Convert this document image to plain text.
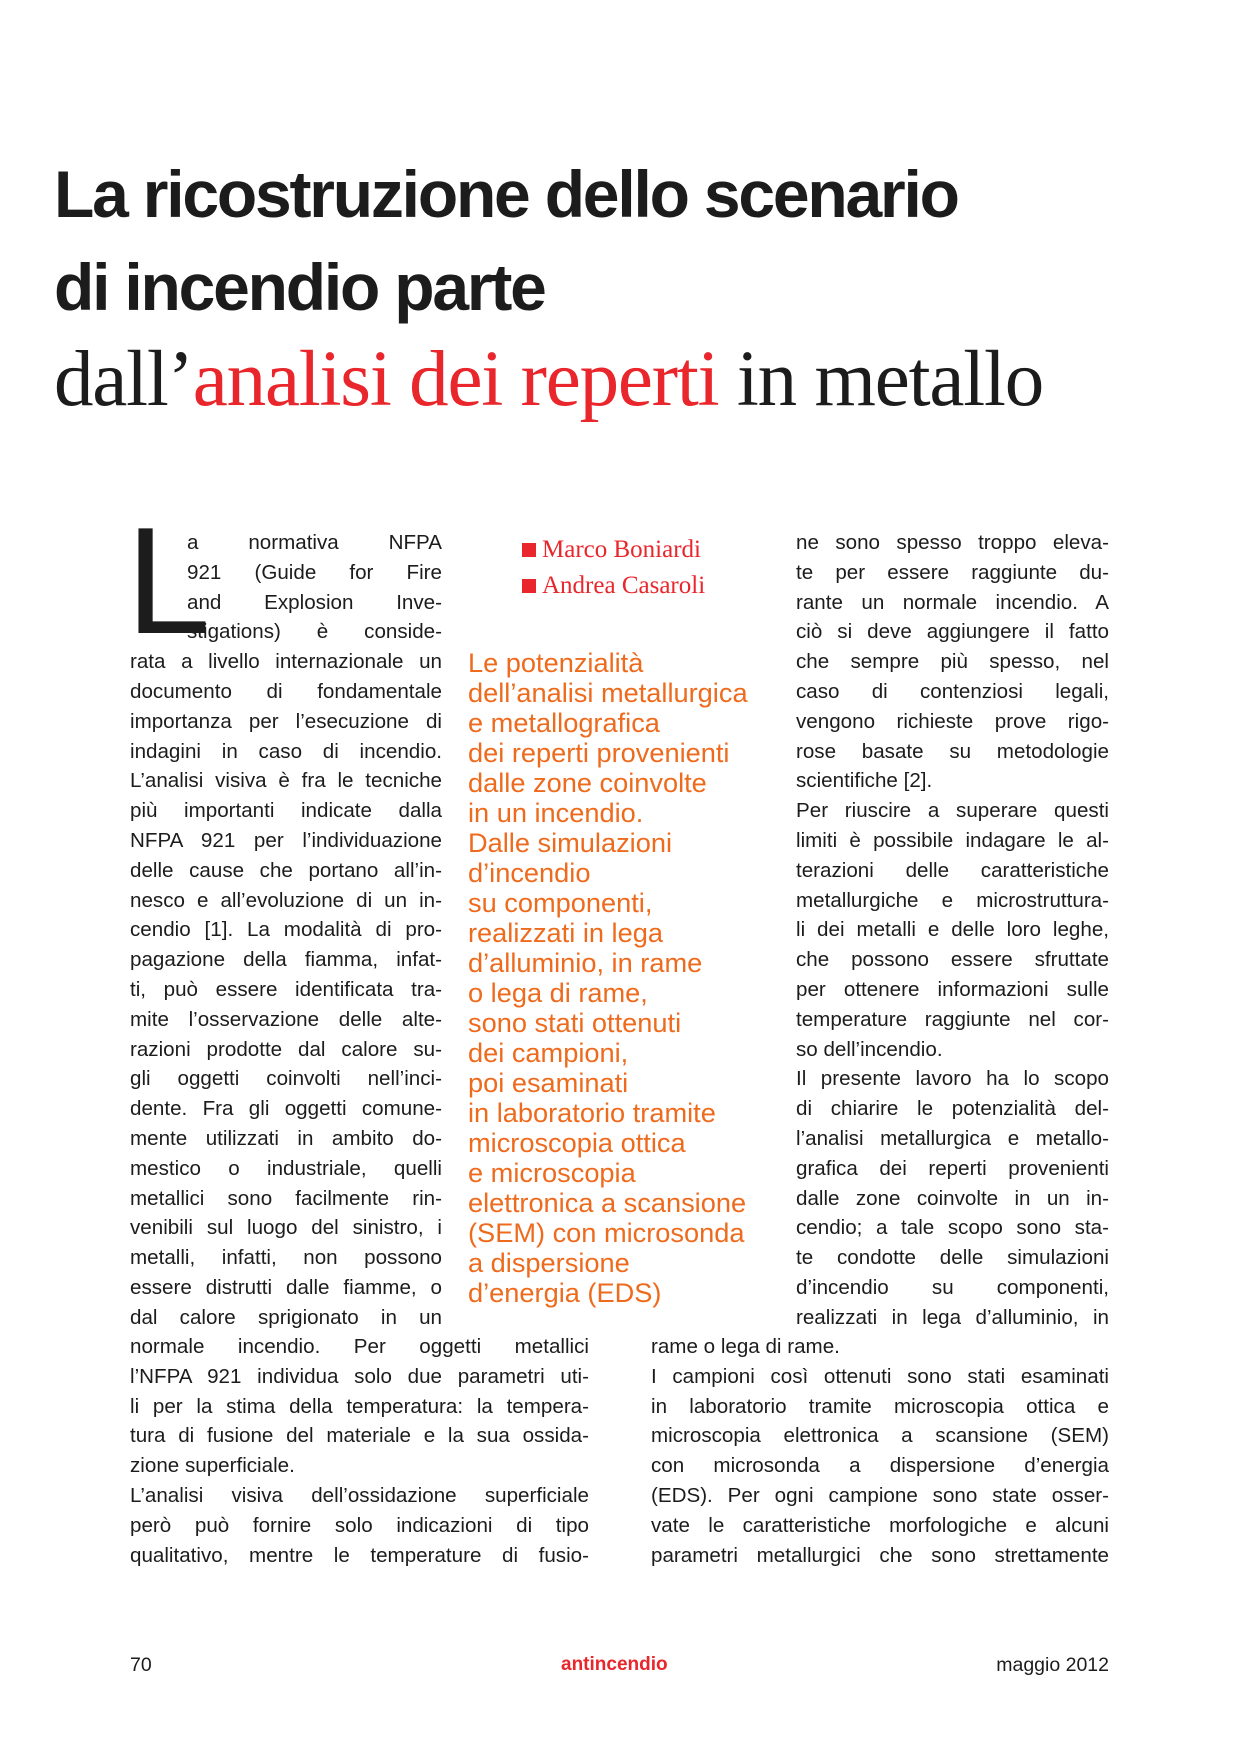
La ricostruzione dello scenario
di incendio parte
dall’analisi dei reperti in metallo
L
a normativa NFPA
921 (Guide for Fire
and Explosion Inve-
stigations) è conside-
rata a livello internazionale un
documento di fondamentale
importanza per l’esecuzione di
indagini in caso di incendio.
L’analisi visiva è fra le tecniche
più importanti indicate dalla
NFPA 921 per l’individuazione
delle cause che portano all’in-
nesco e all’evoluzione di un in-
cendio [1]. La modalità di pro-
pagazione della fiamma, infat-
ti, può essere identificata tra-
mite l’osservazione delle alte-
razioni prodotte dal calore su-
gli oggetti coinvolti nell’inci-
dente. Fra gli oggetti comune-
mente utilizzati in ambito do-
mestico o industriale, quelli
metallici sono facilmente rin-
venibili sul luogo del sinistro, i
metalli, infatti, non possono
essere distrutti dalle fiamme, o
dal calore sprigionato in un
normale incendio. Per oggetti metallici
l’NFPA 921 individua solo due parametri uti-
li per la stima della temperatura: la tempera-
tura di fusione del materiale e la sua ossida-
zione superficiale.
L’analisi visiva dell’ossidazione superficiale
però può fornire solo indicazioni di tipo
qualitativo, mentre le temperature di fusio-
Marco Boniardi
Andrea Casaroli
Le potenzialità
dell’analisi metallurgica
e metallografica
dei reperti provenienti
dalle zone coinvolte
in un incendio.
Dalle simulazioni
d’incendio
su componenti,
realizzati in lega
d’alluminio, in rame
o lega di rame,
sono stati ottenuti
dei campioni,
poi esaminati
in laboratorio tramite
microscopia ottica
e microscopia
elettronica a scansione
(SEM) con microsonda
a dispersione
d’energia (EDS)
ne sono spesso troppo eleva-
te per essere raggiunte du-
rante un normale incendio. A
ciò si deve aggiungere il fatto
che sempre più spesso, nel
caso di contenziosi legali,
vengono richieste prove rigo-
rose basate su metodologie
scientifiche [2].
Per riuscire a superare questi
limiti è possibile indagare le al-
terazioni delle caratteristiche
metallurgiche e microstruttura-
li dei metalli e delle loro leghe,
che possono essere sfruttate
per ottenere informazioni sulle
temperature raggiunte nel cor-
so dell’incendio.
Il presente lavoro ha lo scopo
di chiarire le potenzialità del-
l’analisi metallurgica e metallo-
grafica dei reperti provenienti
dalle zone coinvolte in un in-
cendio; a tale scopo sono sta-
te condotte delle simulazioni
d’incendio su componenti,
realizzati in lega d’alluminio, in
rame o lega di rame.
I campioni così ottenuti sono stati esaminati
in laboratorio tramite microscopia ottica e
microscopia elettronica a scansione (SEM)
con microsonda a dispersione d’energia
(EDS). Per ogni campione sono state osser-
vate le caratteristiche morfologiche e alcuni
parametri metallurgici che sono strettamente
70	antincendio	maggio 2012
